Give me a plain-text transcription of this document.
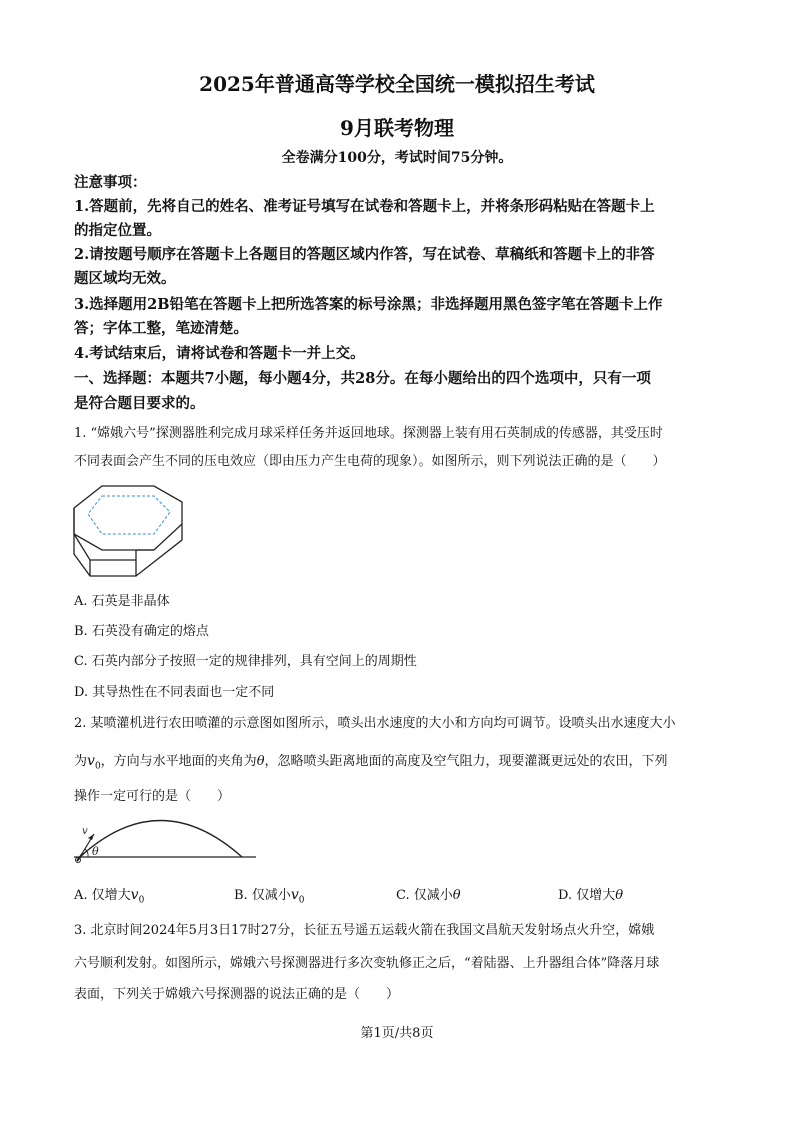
2025年普通高等学校全国统一模拟招生考试
9月联考物理
全卷满分100分，考试时间75分钟。
注意事项：
1.答题前，先将自己的姓名、准考证号填写在试卷和答题卡上，并将条形码粘贴在答题卡上
的指定位置。
2.请按题号顺序在答题卡上各题目的答题区域内作答，写在试卷、草稿纸和答题卡上的非答
题区域均无效。
3.选择题用2B铅笔在答题卡上把所选答案的标号涂黑；非选择题用黑色签字笔在答题卡上作
答；字体工整，笔迹清楚。
4.考试结束后，请将试卷和答题卡一并上交。
一、选择题：本题共7小题，每小题4分，共28分。在每小题给出的四个选项中，只有一项
是符合题目要求的。
1. “嫦娥六号”探测器胜利完成月球采样任务并返回地球。探测器上装有用石英制成的传感器，其受压时
不同表面会产生不同的压电效应（即由压力产生电荷的现象）。如图所示，则下列说法正确的是（　　）
A. 石英是非晶体
B. 石英没有确定的熔点
C. 石英内部分子按照一定的规律排列，具有空间上的周期性
D. 其导热性在不同表面也一定不同
2. 某喷灌机进行农田喷灌的示意图如图所示，喷头出水速度的大小和方向均可调节。设喷头出水速度大小
为$v_0$，方向与水平地面的夹角为θ，忽略喷头距离地面的高度及空气阻力，现要灌溉更远处的农田，下列
操作一定可行的是（　　）
v
θ
A. 仅增大$v_0$	B. 仅减小$v_0$	C. 仅减小θ	D. 仅增大θ
3. 北京时间2024年5月3日17时27分，长征五号遥五运载火箭在我国文昌航天发射场点火升空，嫦娥
六号顺利发射。如图所示，嫦娥六号探测器进行多次变轨修正之后，“着陆器、上升器组合体”降落月球
表面，下列关于嫦娥六号探测器的说法正确的是（　　）
第1页/共8页
